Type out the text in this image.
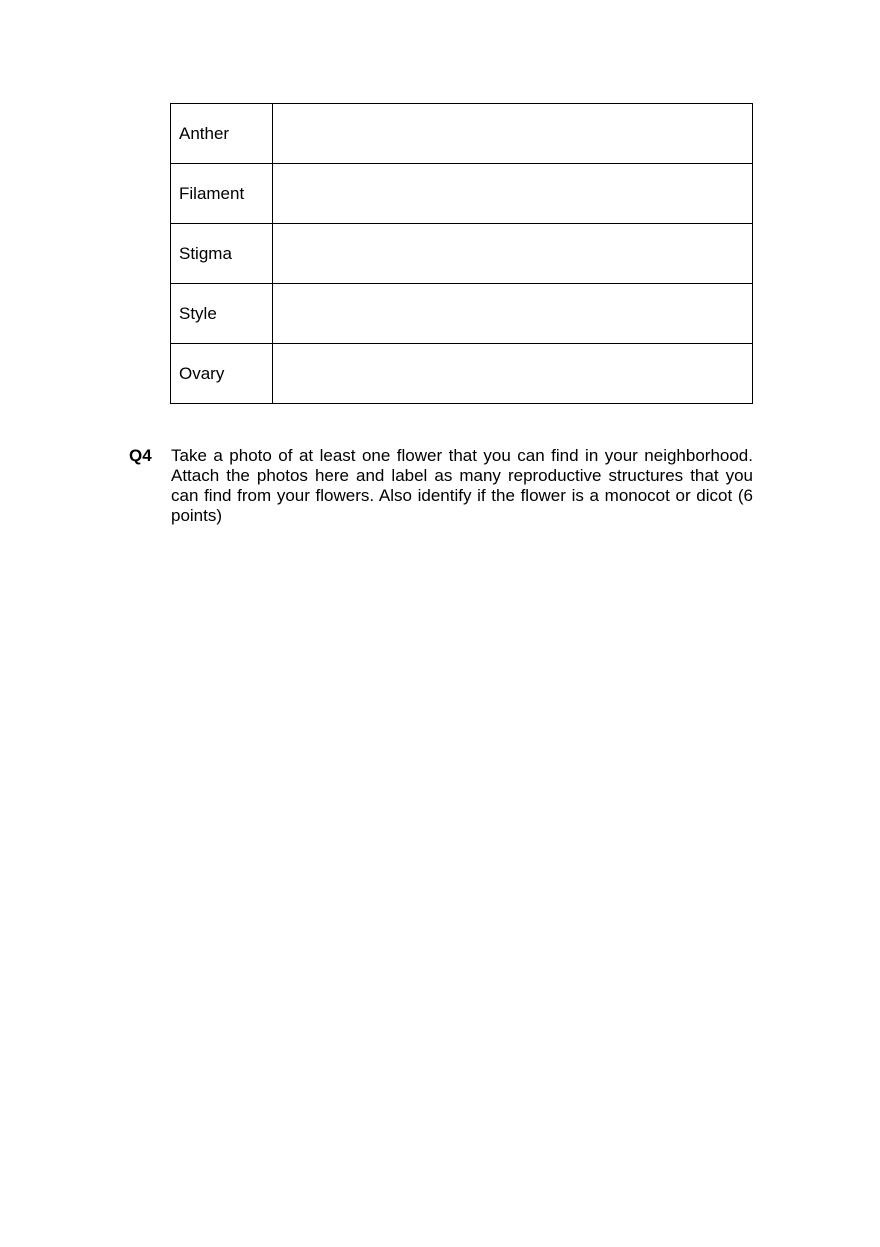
Anther	
Filament	
Stigma	
Style	
Ovary	
Q4 Take a photo of at least one flower that you can find in your neighborhood. Attach the photos here and label as many reproductive structures that you can find from your flowers. Also identify if the flower is a monocot or dicot (6 points)
